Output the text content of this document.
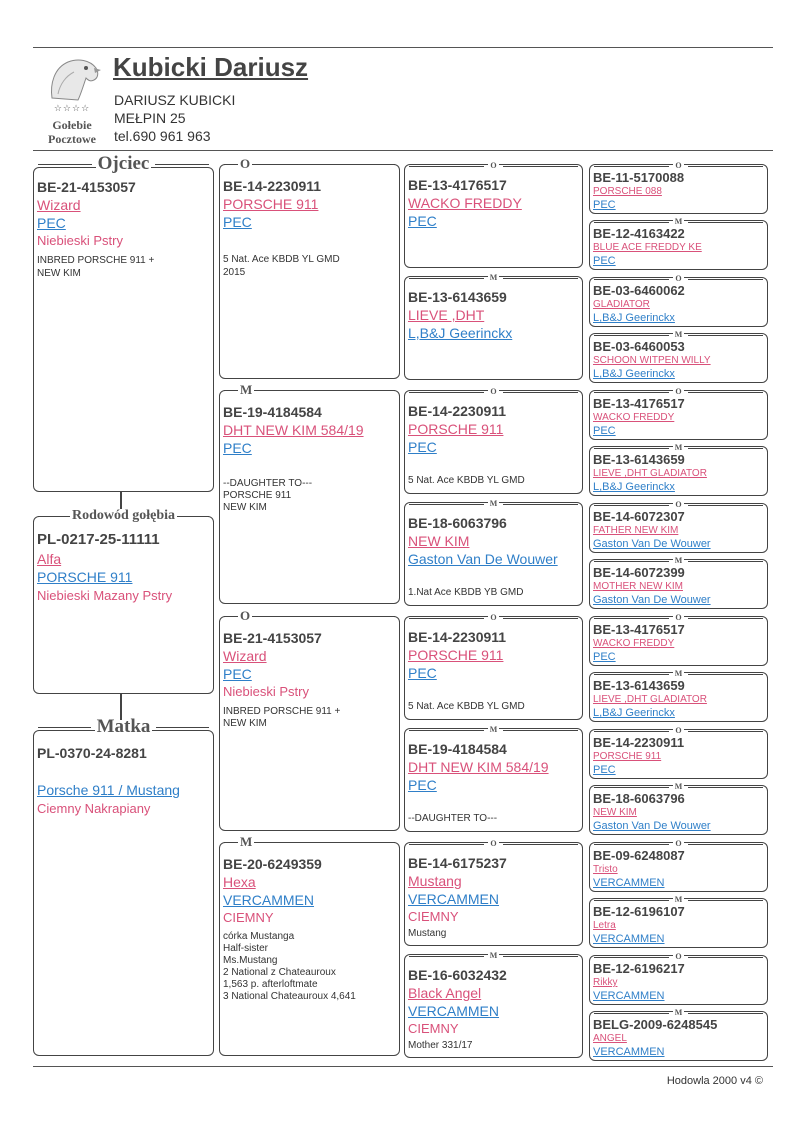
☆☆☆☆
Gołebie
Pocztowe
Kubicki Dariusz
DARIUSZ KUBICKI
MEŁPIN 25
tel.690 961 963
Ojciec
BE-21-4153057
Wizard
PEC
Niebieski Pstry
INBRED PORSCHE 911 +
NEW KIM
Rodowód gołębia
PL-0217-25-11111
Alfa
PORSCHE 911
Niebieski Mazany Pstry
Matka
PL-0370-24-8281
Porsche 911 / Mustang
Ciemny Nakrapiany
O
BE-14-2230911
PORSCHE 911
PEC
5 Nat. Ace KBDB YL GMD
2015
M
BE-19-4184584
DHT NEW KIM 584/19
PEC
--DAUGHTER TO---
PORSCHE 911
NEW KIM
O
BE-21-4153057
Wizard
PEC
Niebieski Pstry
INBRED PORSCHE 911 +
NEW KIM
M
BE-20-6249359
Hexa
VERCAMMEN
CIEMNY
córka Mustanga
Half-sister
Ms.Mustang
2 National z Chateauroux
1,563 p. afterloftmate
3 National Chateauroux 4,641
O
BE-13-4176517
WACKO FREDDY
PEC
M
BE-13-6143659
LIEVE ,DHT
L,B&J Geerinckx
O
BE-14-2230911
PORSCHE 911
PEC
5 Nat. Ace KBDB YL GMD
M
BE-18-6063796
NEW KIM
Gaston Van De Wouwer
1.Nat Ace KBDB YB GMD
O
BE-14-2230911
PORSCHE 911
PEC
5 Nat. Ace KBDB YL GMD
M
BE-19-4184584
DHT NEW KIM 584/19
PEC
--DAUGHTER TO---
O
BE-14-6175237
Mustang
VERCAMMEN
CIEMNY
Mustang
M
BE-16-6032432
Black Angel
VERCAMMEN
CIEMNY
Mother 331/17
O
BE-11-5170088
PORSCHE 088
PEC
M
BE-12-4163422
BLUE ACE FREDDY KE
PEC
O
BE-03-6460062
GLADIATOR
L,B&J Geerinckx
M
BE-03-6460053
SCHOON WITPEN WILLY
L,B&J Geerinckx
O
BE-13-4176517
WACKO FREDDY
PEC
M
BE-13-6143659
LIEVE ,DHT GLADIATOR
L,B&J Geerinckx
O
BE-14-6072307
FATHER NEW KIM
Gaston Van De Wouwer
M
BE-14-6072399
MOTHER NEW KIM
Gaston Van De Wouwer
O
BE-13-4176517
WACKO FREDDY
PEC
M
BE-13-6143659
LIEVE ,DHT GLADIATOR
L,B&J Geerinckx
O
BE-14-2230911
PORSCHE 911
PEC
M
BE-18-6063796
NEW KIM
Gaston Van De Wouwer
O
BE-09-6248087
Tristo
VERCAMMEN
M
BE-12-6196107
Letra
VERCAMMEN
O
BE-12-6196217
Rikky
VERCAMMEN
M
BELG-2009-6248545
ANGEL
VERCAMMEN
Hodowla 2000 v4 ©
